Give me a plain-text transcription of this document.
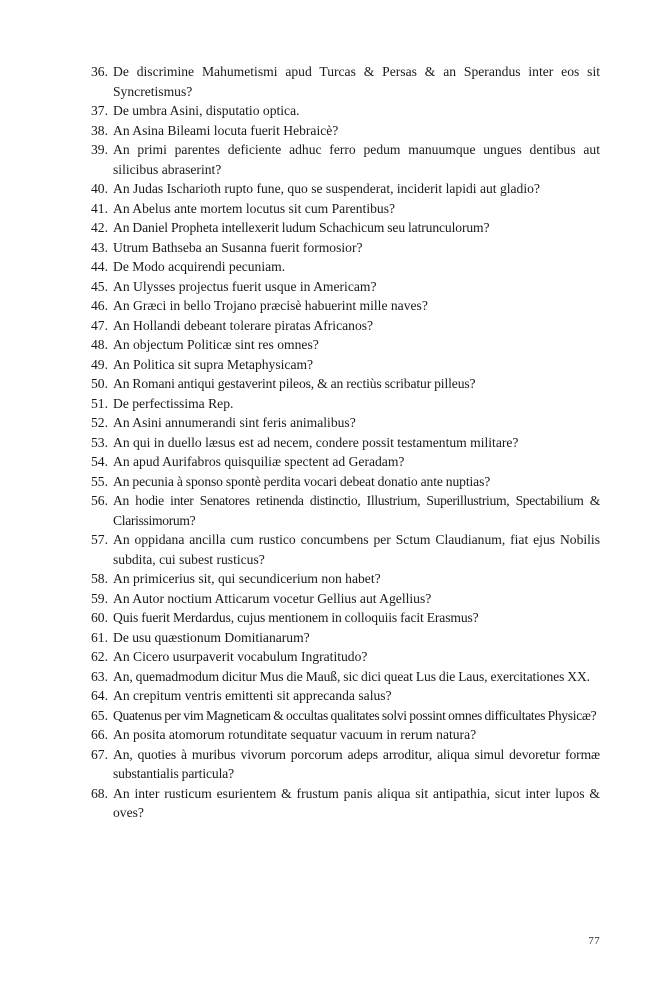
36. De discrimine Mahumetismi apud Turcas & Persas & an Sperandus inter eos sit Syncretismus?
37. De umbra Asini, disputatio optica.
38. An Asina Bileami locuta fuerit Hebraicè?
39. An primi parentes deficiente adhuc ferro pedum manuumque ungues dentibus aut silicibus abraserint?
40. An Judas Ischarioth rupto fune, quo se suspenderat, inciderit lapidi aut gladio?
41. An Abelus ante mortem locutus sit cum Parentibus?
42. An Daniel Propheta intellexerit ludum Schachicum seu latrunculorum?
43. Utrum Bathseba an Susanna fuerit formosior?
44. De Modo acquirendi pecuniam.
45. An Ulysses projectus fuerit usque in Americam?
46. An Græci in bello Trojano præcisè habuerint mille naves?
47. An Hollandi debeant tolerare piratas Africanos?
48. An objectum Politicæ sint res omnes?
49. An Politica sit supra Metaphysicam?
50. An Romani antiqui gestaverint pileos, & an rectiùs scribatur pilleus?
51. De perfectissima Rep.
52. An Asini annumerandi sint feris animalibus?
53. An qui in duello læsus est ad necem, condere possit testamentum militare?
54. An apud Aurifabros quisquiliæ spectent ad Geradam?
55. An pecunia à sponso spontè perdita vocari debeat donatio ante nuptias?
56. An hodie inter Senatores retinenda distinctio, Illustrium, Superillustrium, Spectabilium & Clarissimorum?
57. An oppidana ancilla cum rustico concumbens per Sctum Claudianum, fiat ejus Nobilis subdita, cui subest rusticus?
58. An primicerius sit, qui secundicerium non habet?
59. An Autor noctium Atticarum vocetur Gellius aut Agellius?
60. Quis fuerit Merdardus, cujus mentionem in colloquiis facit Erasmus?
61. De usu quæstionum Domitianarum?
62. An Cicero usurpaverit vocabulum Ingratitudo?
63. An, quemadmodum dicitur Mus die Mauß, sic dici queat Lus die Laus, exercitationes XX.
64. An crepitum ventris emittenti sit apprecanda salus?
65. Quatenus per vim Magneticam & occultas qualitates solvi possint omnes difficultates Physicæ?
66. An posita atomorum rotunditate sequatur vacuum in rerum natura?
67. An, quoties à muribus vivorum porcorum adeps arroditur, aliqua simul devoretur formæ substantialis particula?
68. An inter rusticum esurientem & frustum panis aliqua sit antipathia, sicut inter lupos & oves?
77
